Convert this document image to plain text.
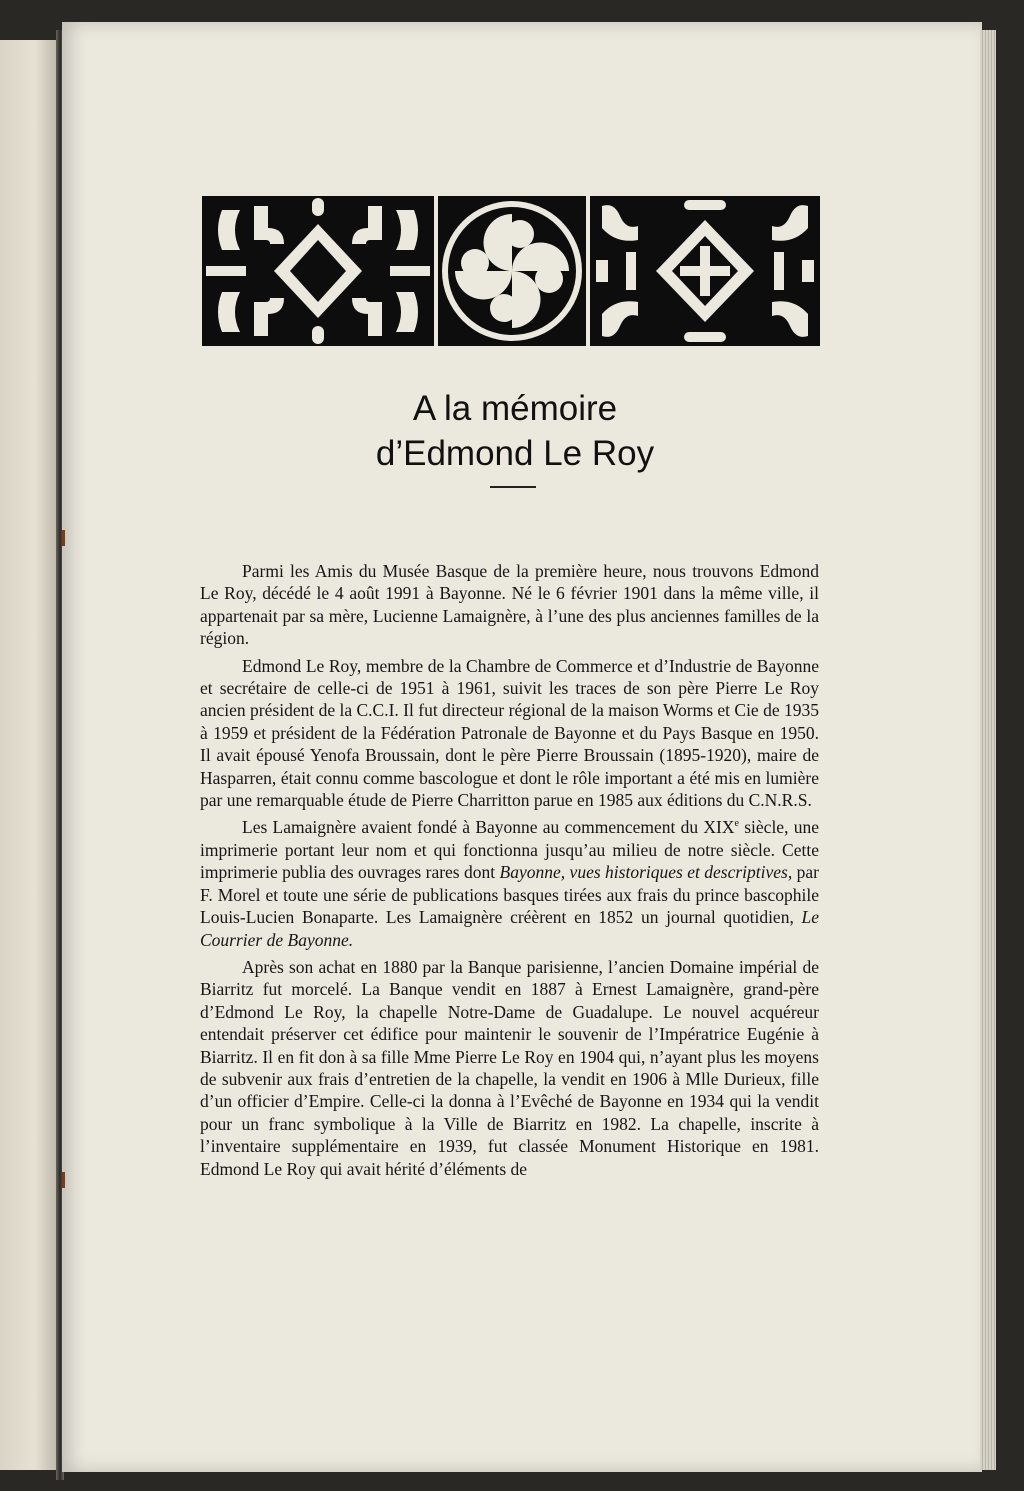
A la mémoire
d’Edmond Le Roy

Parmi les Amis du Musée Basque de la première heure, nous trouvons Edmond Le Roy, décédé le 4 août 1991 à Bayonne. Né le 6 février 1901 dans la même ville, il appartenait par sa mère, Lucienne Lamaignère, à l’une des plus anciennes familles de la région.

Edmond Le Roy, membre de la Chambre de Commerce et d’Industrie de Bayonne et secrétaire de celle-ci de 1951 à 1961, suivit les traces de son père Pierre Le Roy ancien président de la C.C.I. Il fut directeur régional de la maison Worms et Cie de 1935 à 1959 et président de la Fédération Patronale de Bayonne et du Pays Basque en 1950. Il avait épousé Yenofa Broussain, dont le père Pierre Broussain (1895-1920), maire de Hasparren, était connu comme bascologue et dont le rôle important a été mis en lumière par une remarquable étude de Pierre Charritton parue en 1985 aux éditions du C.N.R.S.

Les Lamaignère avaient fondé à Bayonne au commencement du XIXe siècle, une imprimerie portant leur nom et qui fonctionna jusqu’au milieu de notre siècle. Cette imprimerie publia des ouvrages rares dont Bayonne, vues historiques et descriptives, par F. Morel et toute une série de publications basques tirées aux frais du prince bascophile Louis-Lucien Bonaparte. Les Lamaignère créèrent en 1852 un journal quotidien, Le Courrier de Bayonne.

Après son achat en 1880 par la Banque parisienne, l’ancien Domaine impérial de Biarritz fut morcelé. La Banque vendit en 1887 à Ernest Lamaignère, grand-père d’Edmond Le Roy, la chapelle Notre-Dame de Guadalupe. Le nouvel acquéreur entendait préserver cet édifice pour maintenir le souvenir de l’Impératrice Eugénie à Biarritz. Il en fit don à sa fille Mme Pierre Le Roy en 1904 qui, n’ayant plus les moyens de subvenir aux frais d’entretien de la chapelle, la vendit en 1906 à Mlle Durieux, fille d’un officier d’Empire. Celle-ci la donna à l’Evêché de Bayonne en 1934 qui la vendit pour un franc symbolique à la Ville de Biarritz en 1982. La chapelle, inscrite à l’inventaire supplémentaire en 1939, fut classée Monument Historique en 1981. Edmond Le Roy qui avait hérité d’éléments de
